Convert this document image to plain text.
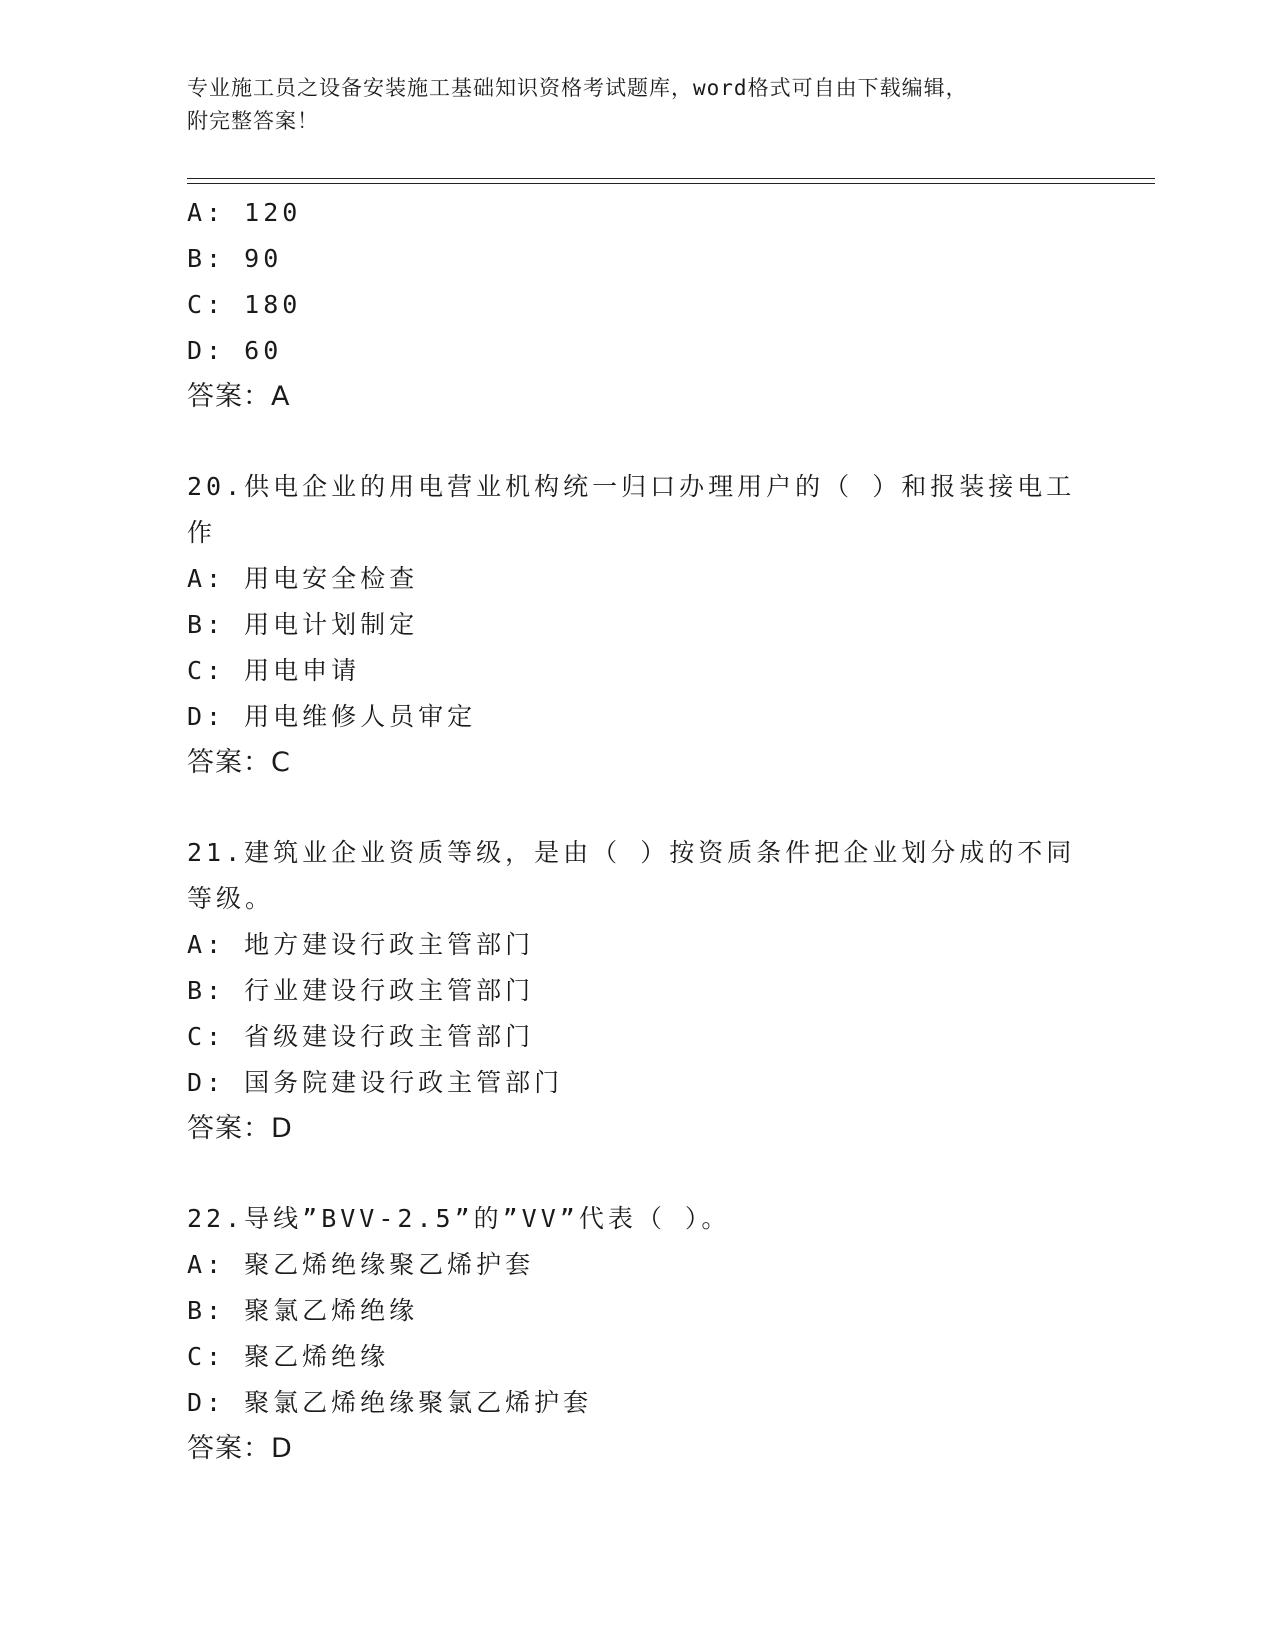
专业施工员之设备安装施工基础知识资格考试题库，word格式可自由下载编辑，
附完整答案！
A: 120
B: 90
C: 180
D: 60
答案：A
20.供电企业的用电营业机构统一归口办理用户的（ ）和报装接电工
作
A: 用电安全检查
B: 用电计划制定
C: 用电申请
D: 用电维修人员审定
答案：C
21.建筑业企业资质等级，是由（ ）按资质条件把企业划分成的不同
等级。
A: 地方建设行政主管部门
B: 行业建设行政主管部门
C: 省级建设行政主管部门
D: 国务院建设行政主管部门
答案：D
22.导线”BVV-2.5”的”VV”代表（ ）。
A: 聚乙烯绝缘聚乙烯护套
B: 聚氯乙烯绝缘
C: 聚乙烯绝缘
D: 聚氯乙烯绝缘聚氯乙烯护套
答案：D
